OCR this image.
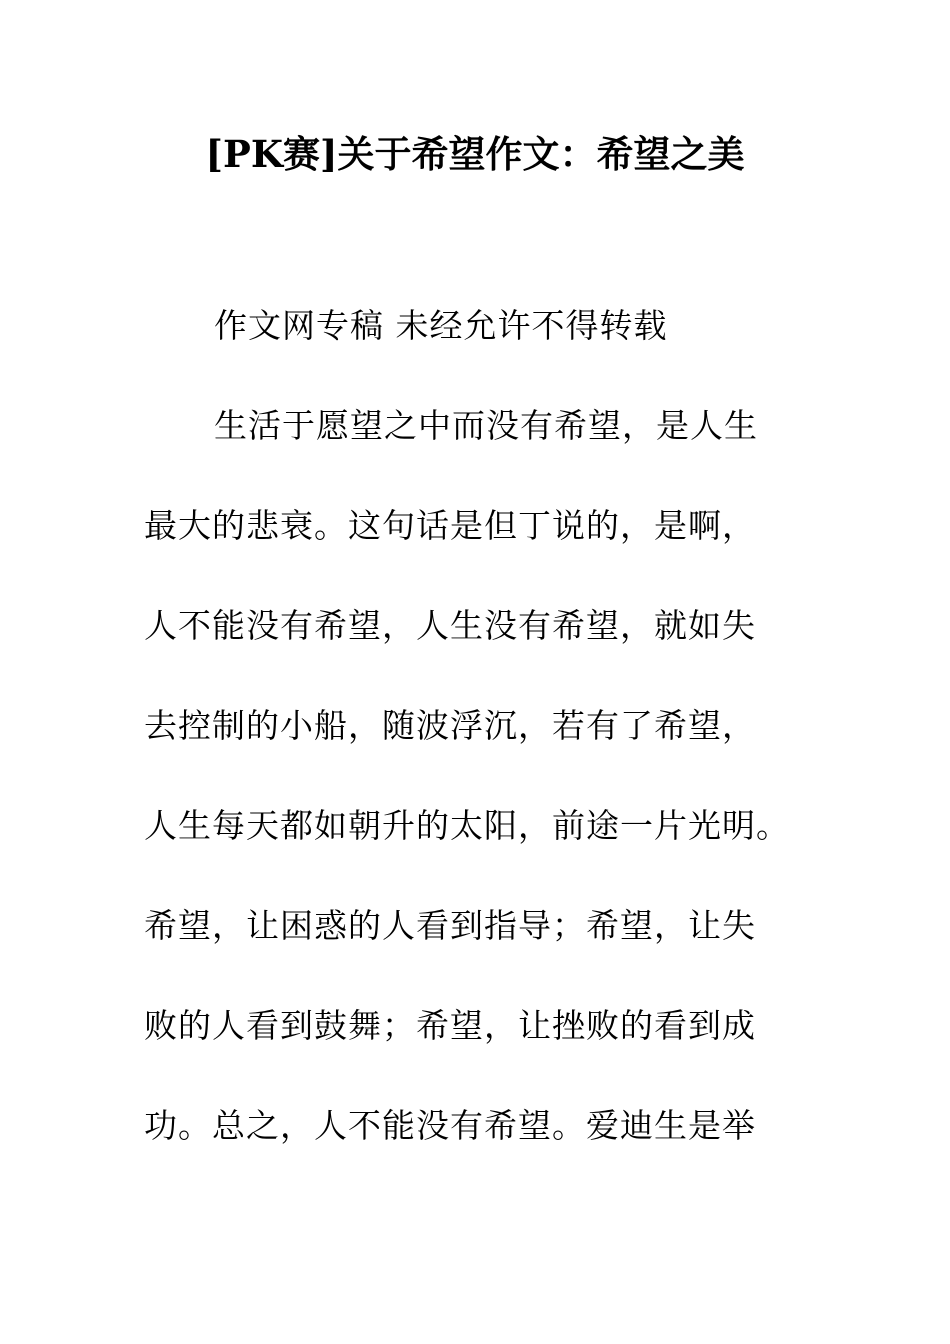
[PK赛]关于希望作文：希望之美
作文网专稿 未经允许不得转载
生活于愿望之中而没有希望，是人生
最大的悲衰。这句话是但丁说的，是啊，
人不能没有希望，人生没有希望，就如失
去控制的小船，随波浮沉，若有了希望，
人生每天都如朝升的太阳，前途一片光明。
希望，让困惑的人看到指导；希望，让失
败的人看到鼓舞；希望，让挫败的看到成
功。总之，人不能没有希望。爱迪生是举
